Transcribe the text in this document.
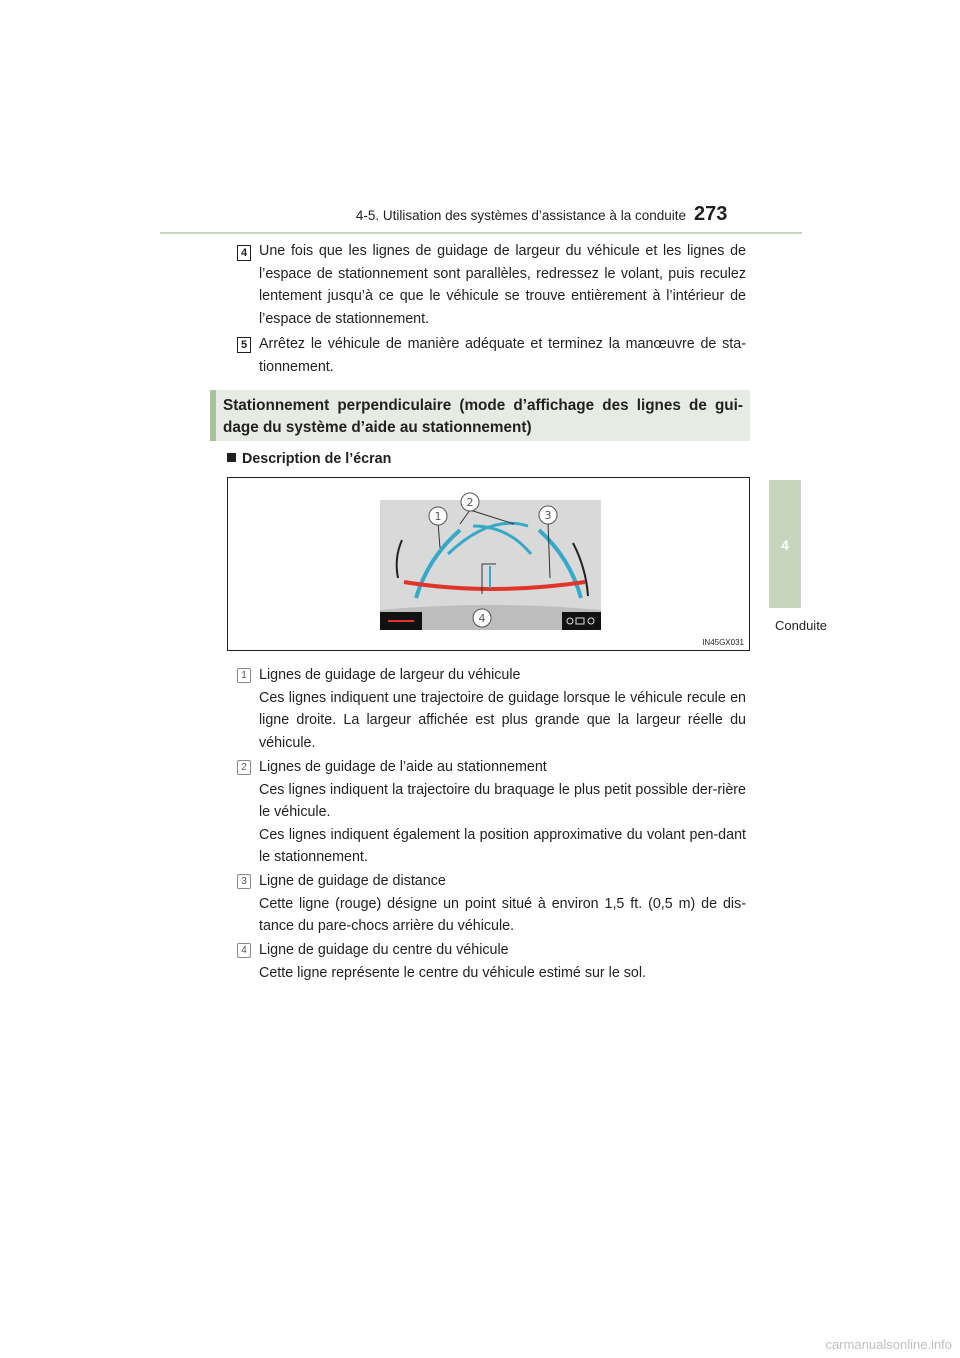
4-5. Utilisation des systèmes d’assistance à la conduite 273
4
Conduite
4 Une fois que les lignes de guidage de largeur du véhicule et les lignes de l’espace de stationnement sont parallèles, redressez le volant, puis reculez lentement jusqu’à ce que le véhicule se trouve entièrement à l’intérieur de l’espace de stationnement.
5 Arrêtez le véhicule de manière adéquate et terminez la manœuvre de sta-tionnement.
Stationnement perpendiculaire (mode d’affichage des lignes de gui-dage du système d’aide au stationnement)
Description de l’écran
1
2
3
4
IN45GX031
1 Lignes de guidage de largeur du véhicule
Ces lignes indiquent une trajectoire de guidage lorsque le véhicule recule en ligne droite. La largeur affichée est plus grande que la largeur réelle du véhicule.
2 Lignes de guidage de l’aide au stationnement
Ces lignes indiquent la trajectoire du braquage le plus petit possible der-rière le véhicule.
Ces lignes indiquent également la position approximative du volant pen-dant le stationnement.
3 Ligne de guidage de distance
Cette ligne (rouge) désigne un point situé à environ 1,5 ft. (0,5 m) de dis-tance du pare-chocs arrière du véhicule.
4 Ligne de guidage du centre du véhicule
Cette ligne représente le centre du véhicule estimé sur le sol.
carmanualsonline.info
